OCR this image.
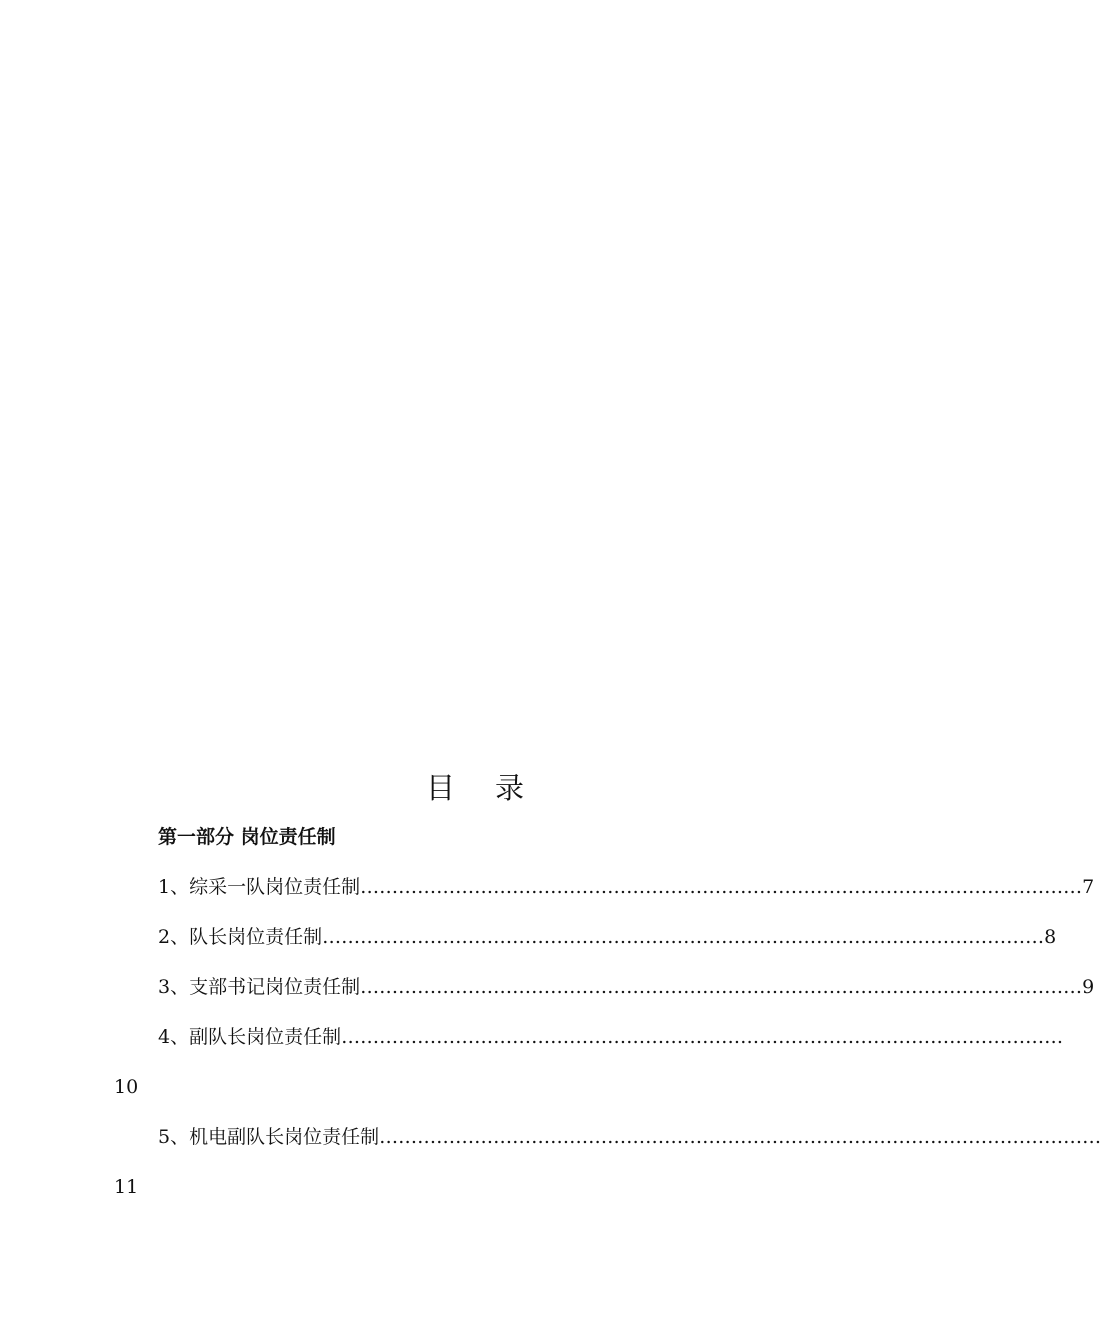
目录
第一部分 岗位责任制
1、综采一队岗位责任制 …………………………………………………………………………………………………… 7
2、队长岗位责任制 …………………………………………………………………………………………………… 8
3、支部书记岗位责任制 …………………………………………………………………………………………………… 9
4、副队长岗位责任制 ……………………………………………………………………………………………………
10
5、机电副队长岗位责任制 ……………………………………………………………………………………………………
11
